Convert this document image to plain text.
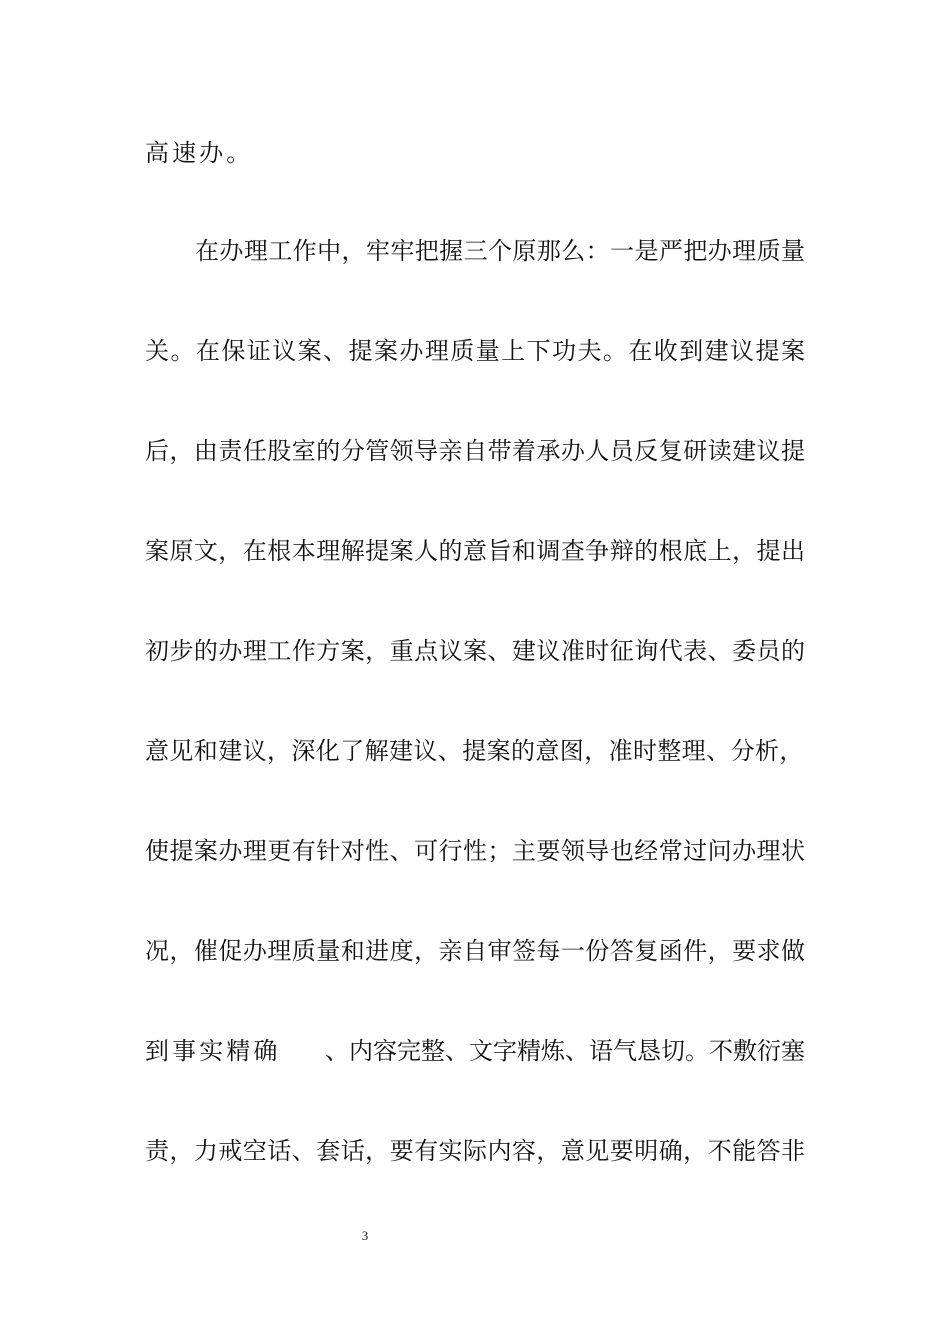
高速办。
在办理工作中，牢牢把握三个原那么：一是严把办理质量
关。在保证议案、提案办理质量上下功夫。在收到建议提案
后，由责任股室的分管领导亲自带着承办人员反复研读建议提
案原文，在根本理解提案人的意旨和调查争辩的根底上，提出
初步的办理工作方案，重点议案、建议准时征询代表、委员的
意见和建议，深化了解建议、提案的意图，准时整理、分析，
使提案办理更有针对性、可行性；主要领导也经常过问办理状
况，催促办理质量和进度，亲自审签每一份答复函件，要求做
到事实精确 、内容完整、文字精炼、语气恳切。不敷衍塞
责，力戒空话、套话，要有实际内容，意见要明确，不能答非
3
